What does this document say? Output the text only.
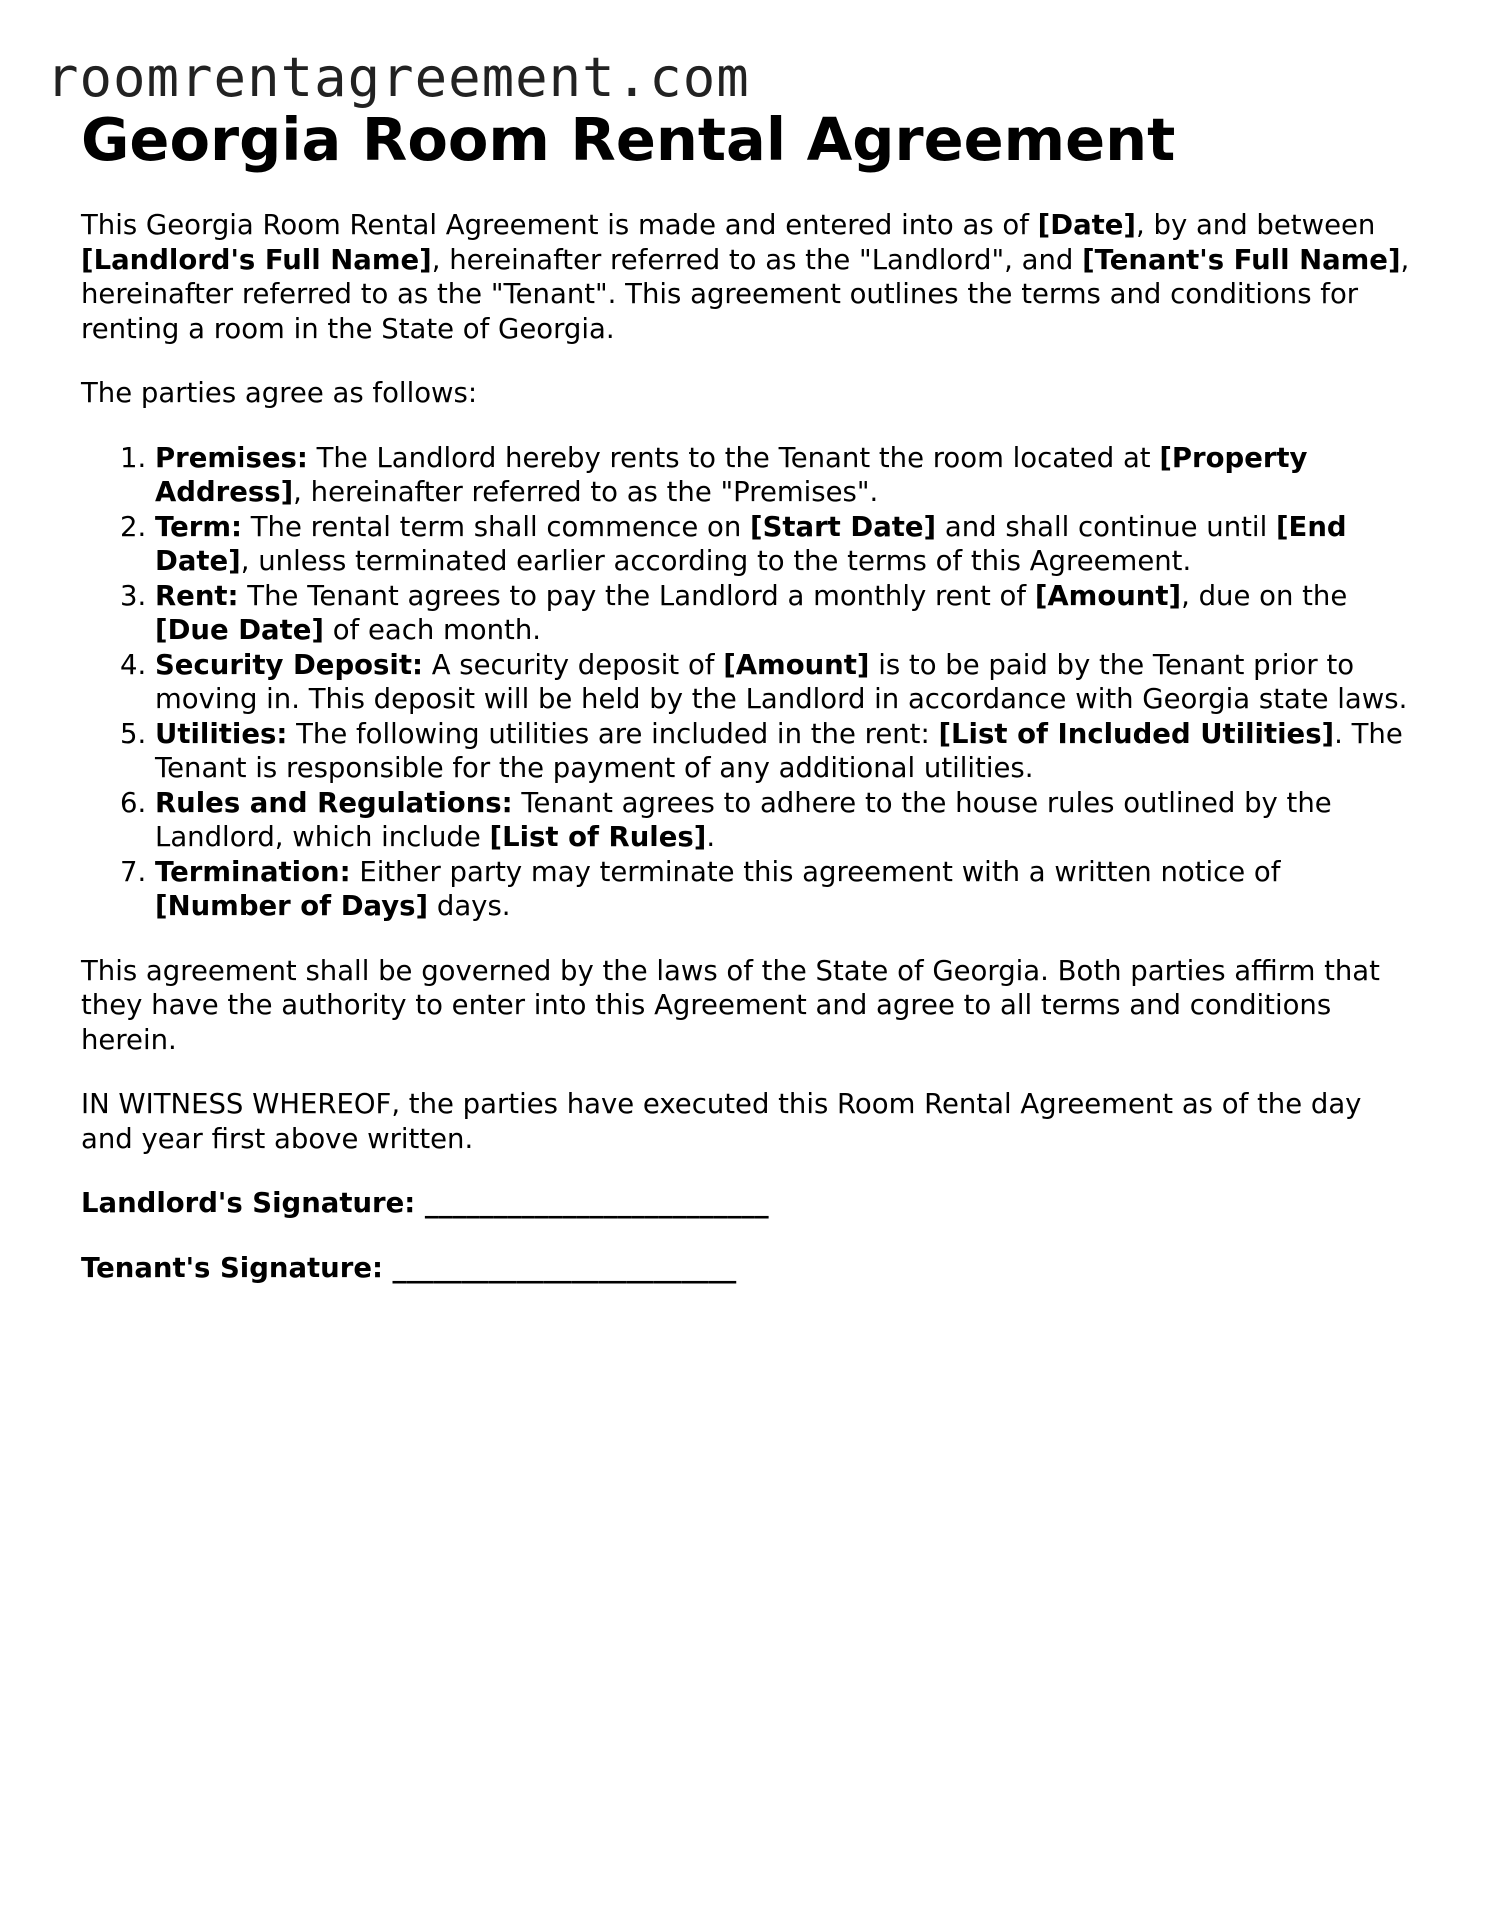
roomrentagreement.com
Georgia Room Rental Agreement

This Georgia Room Rental Agreement is made and entered into as of [Date], by and between [Landlord's Full Name], hereinafter referred to as the "Landlord", and [Tenant's Full Name], hereinafter referred to as the "Tenant". This agreement outlines the terms and conditions for renting a room in the State of Georgia.

The parties agree as follows:

1. Premises: The Landlord hereby rents to the Tenant the room located at [Property Address], hereinafter referred to as the "Premises".
2. Term: The rental term shall commence on [Start Date] and shall continue until [End Date], unless terminated earlier according to the terms of this Agreement.
3. Rent: The Tenant agrees to pay the Landlord a monthly rent of [Amount], due on the [Due Date] of each month.
4. Security Deposit: A security deposit of [Amount] is to be paid by the Tenant prior to moving in. This deposit will be held by the Landlord in accordance with Georgia state laws.
5. Utilities: The following utilities are included in the rent: [List of Included Utilities]. The Tenant is responsible for the payment of any additional utilities.
6. Rules and Regulations: Tenant agrees to adhere to the house rules outlined by the Landlord, which include [List of Rules].
7. Termination: Either party may terminate this agreement with a written notice of [Number of Days] days.

This agreement shall be governed by the laws of the State of Georgia. Both parties affirm that they have the authority to enter into this Agreement and agree to all terms and conditions herein.

IN WITNESS WHEREOF, the parties have executed this Room Rental Agreement as of the day and year first above written.

Landlord's Signature: _________________________

Tenant's Signature: _________________________
